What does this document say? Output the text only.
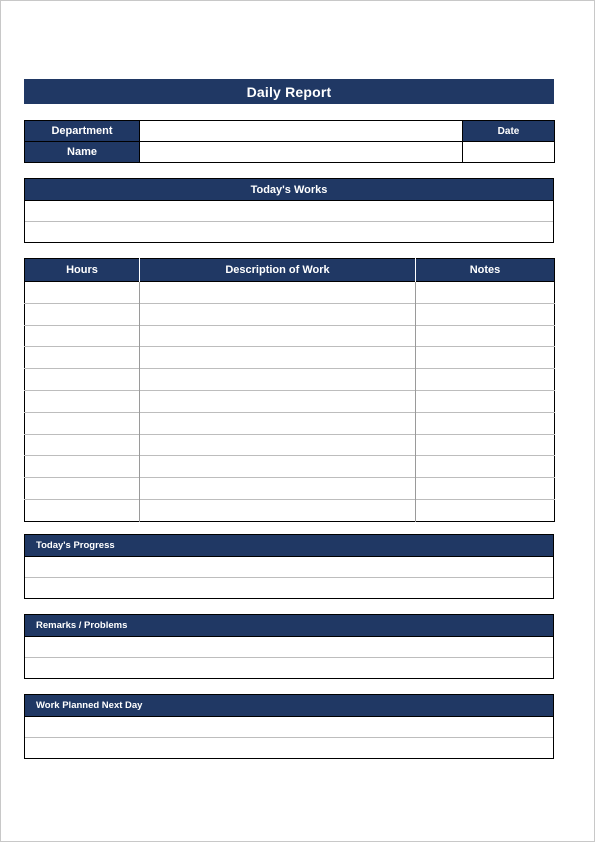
Daily Report
Department		Date
Name		
Today's Works
Hours	Description of Work	Notes

Today's Progress
Remarks / Problems
Work Planned Next Day
